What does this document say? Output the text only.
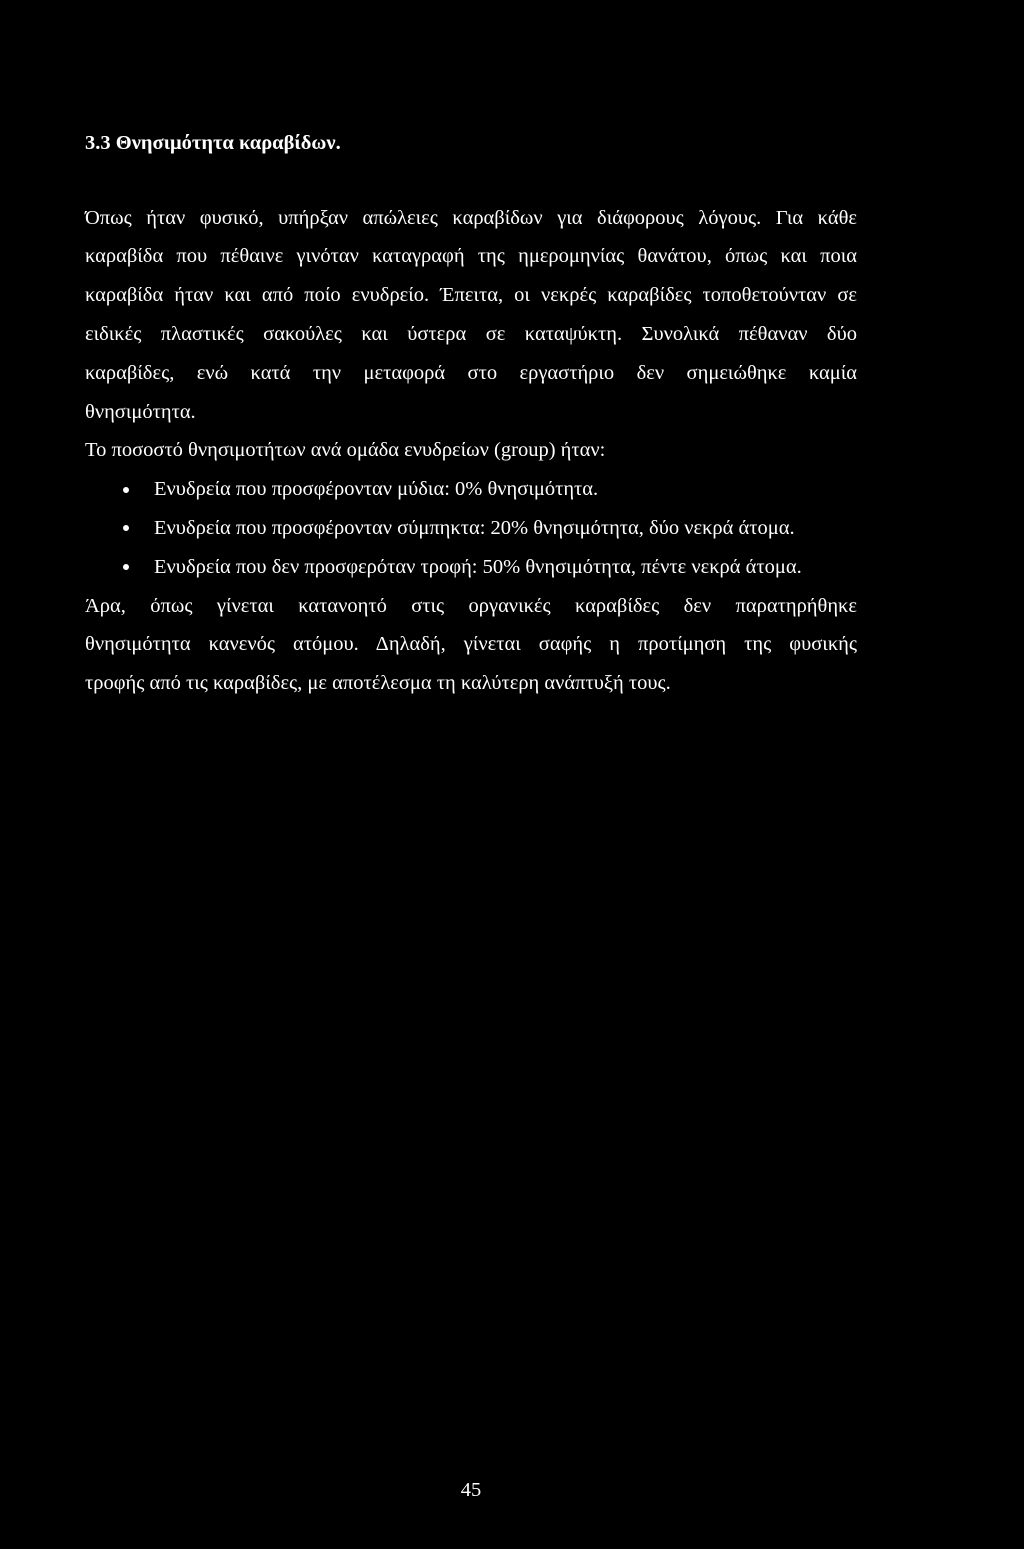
3.3 Θνησιμότητα καραβίδων.

Όπως ήταν φυσικό, υπήρξαν απώλειες καραβίδων για διάφορους λόγους. Για κάθε
καραβίδα που πέθαινε γινόταν καταγραφή της ημερομηνίας θανάτου, όπως και ποια
καραβίδα ήταν και από ποίο ενυδρείο. Έπειτα, οι νεκρές καραβίδες τοποθετούνταν σε
ειδικές πλαστικές σακούλες και ύστερα σε καταψύκτη. Συνολικά πέθαναν δύο
καραβίδες, ενώ κατά την μεταφορά στο εργαστήριο δεν σημειώθηκε καμία
θνησιμότητα.

Το ποσοστό θνησιμοτήτων ανά ομάδα ενυδρείων (group) ήταν:

Ενυδρεία που προσφέρονταν μύδια: 0% θνησιμότητα.
Ενυδρεία που προσφέρονταν σύμπηκτα: 20% θνησιμότητα, δύο νεκρά άτομα.
Ενυδρεία που δεν προσφερόταν τροφή: 50% θνησιμότητα, πέντε νεκρά άτομα.

Άρα, όπως γίνεται κατανοητό στις οργανικές καραβίδες δεν παρατηρήθηκε
θνησιμότητα κανενός ατόμου. Δηλαδή, γίνεται σαφής η προτίμηση της φυσικής
τροφής από τις καραβίδες, με αποτέλεσμα τη καλύτερη ανάπτυξή τους.

45
